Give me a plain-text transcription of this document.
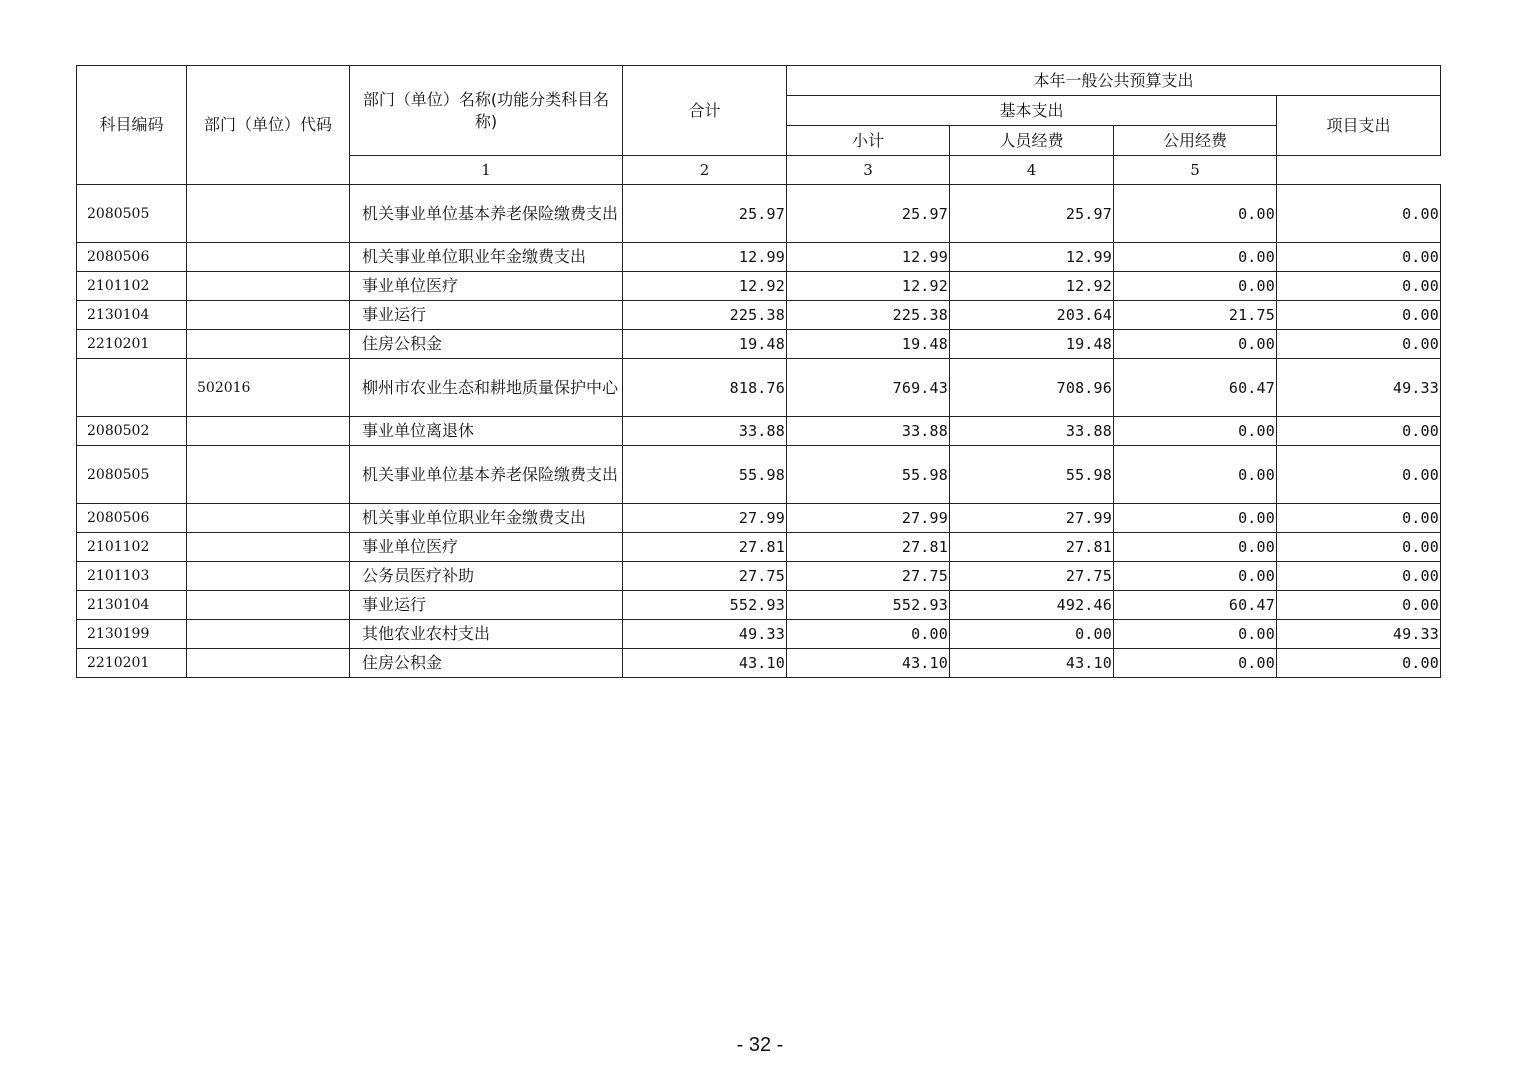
科目编码	部门（单位）代码	部门（单位）名称(功能分类科目名称)	合计	本年一般公共预算支出			
				基本支出			项目支出
				小计	人员经费	公用经费	
		1	2	3	4	5	
2080505		机关事业单位基本养老保险缴费支出	25.97	25.97	25.97	0.00	0.00
2080506		机关事业单位职业年金缴费支出	12.99	12.99	12.99	0.00	0.00
2101102		事业单位医疗	12.92	12.92	12.92	0.00	0.00
2130104		事业运行	225.38	225.38	203.64	21.75	0.00
2210201		住房公积金	19.48	19.48	19.48	0.00	0.00
	502016	柳州市农业生态和耕地质量保护中心	818.76	769.43	708.96	60.47	49.33
2080502		事业单位离退休	33.88	33.88	33.88	0.00	0.00
2080505		机关事业单位基本养老保险缴费支出	55.98	55.98	55.98	0.00	0.00
2080506		机关事业单位职业年金缴费支出	27.99	27.99	27.99	0.00	0.00
2101102		事业单位医疗	27.81	27.81	27.81	0.00	0.00
2101103		公务员医疗补助	27.75	27.75	27.75	0.00	0.00
2130104		事业运行	552.93	552.93	492.46	60.47	0.00
2130199		其他农业农村支出	49.33	0.00	0.00	0.00	49.33
2210201		住房公积金	43.10	43.10	43.10	0.00	0.00
- 32 -
